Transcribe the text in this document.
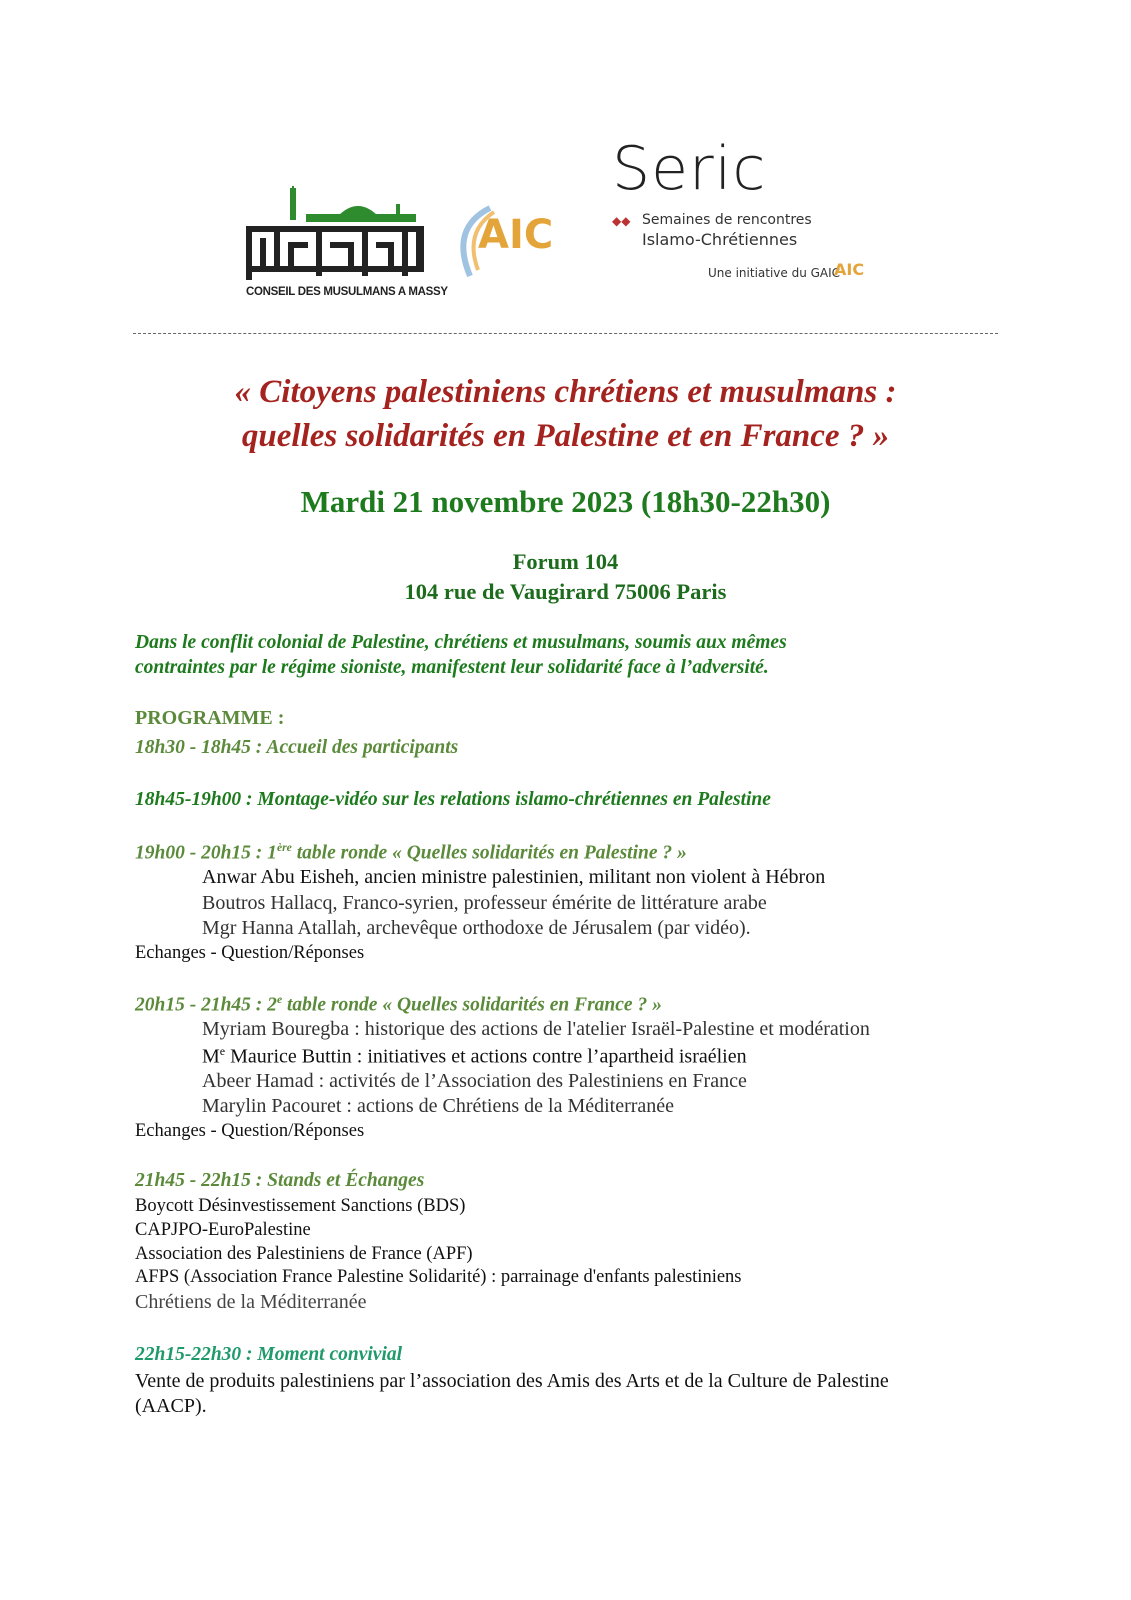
CONSEIL DES MUSULMANS A MASSY
AIC
Seric
◆◆ Semaines de rencontres
Islamo-Chrétiennes
Une initiative du GAIC
AIC
« Citoyens palestiniens chrétiens et musulmans :
quelles solidarités en Palestine et en France ? »
Mardi 21 novembre 2023 (18h30-22h30)
Forum 104
104 rue de Vaugirard 75006 Paris
Dans le conflit colonial de Palestine, chrétiens et musulmans, soumis aux mêmes
contraintes par le régime sioniste, manifestent leur solidarité face à l’adversité.
PROGRAMME :
18h30 - 18h45 : Accueil des participants
18h45-19h00 : Montage-vidéo sur les relations islamo-chrétiennes en Palestine
19h00 - 20h15 : 1ère table ronde « Quelles solidarités en Palestine ? »
Anwar Abu Eisheh, ancien ministre palestinien, militant non violent à Hébron
Boutros Hallacq, Franco-syrien, professeur émérite de littérature arabe
Mgr Hanna Atallah, archevêque orthodoxe de Jérusalem (par vidéo).
Echanges - Question/Réponses
20h15 - 21h45 : 2e table ronde « Quelles solidarités en France ? »
Myriam Bouregba : historique des actions de l'atelier Israël-Palestine et modération
Me Maurice Buttin : initiatives et actions contre l’apartheid israélien
Abeer Hamad : activités de l’Association des Palestiniens en France
Marylin Pacouret : actions de Chrétiens de la Méditerranée
Echanges - Question/Réponses
21h45 - 22h15 : Stands et Échanges
Boycott Désinvestissement Sanctions (BDS)
CAPJPO-EuroPalestine
Association des Palestiniens de France (APF)
AFPS (Association France Palestine Solidarité) : parrainage d'enfants palestiniens
Chrétiens de la Méditerranée
22h15-22h30 : Moment convivial
Vente de produits palestiniens par l’association des Amis des Arts et de la Culture de Palestine
(AACP).
